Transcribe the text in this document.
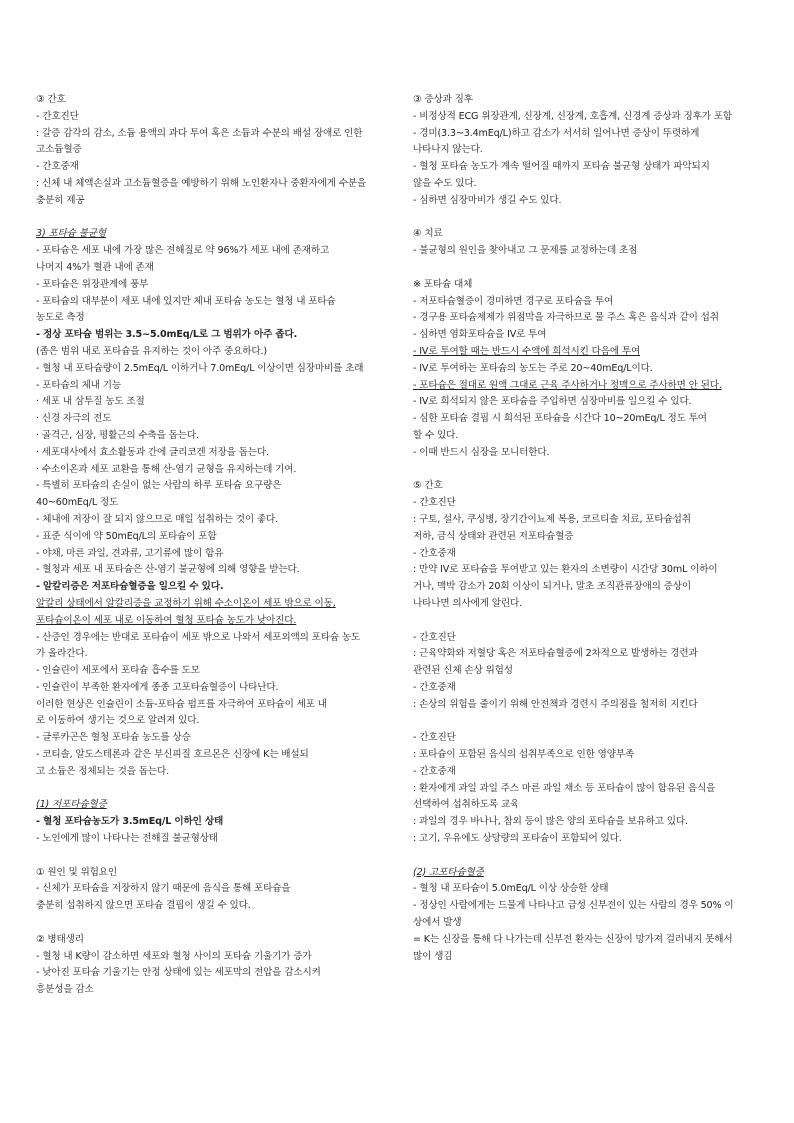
③ 간호
- 간호진단
: 갈증 감각의 감소, 소듐 용액의 과다 투여 혹은 소듐과 수분의 배설 장애로 인한
고소듐혈증
- 간호중재
: 신체 내 체액손실과 고소듐혈증을 예방하기 위해 노인환자나 중환자에게 수분을
충분히 제공
3) 포타슘 불균형
- 포타슘은 세포 내에 가장 많은 전해질로 약 96%가 세포 내에 존재하고
나머지 4%가 혈관 내에 존재
- 포타슘은 위장관계에 풍부
- 포타슘의 대부분이 세포 내에 있지만 체내 포타슘 농도는 혈청 내 포타슘
농도로 측정
- 정상 포타슘 범위는 3.5~5.0mEq/L로 그 범위가 아주 좁다.
(좁은 범위 내로 포타슘을 유지하는 것이 아주 중요하다.)
- 혈청 내 포타슘량이 2.5mEq/L 이하거나 7.0mEq/L 이상이면 심장마비를 초래
- 포타슘의 체내 기능
· 세포 내 삼투질 농도 조절
· 신경 자극의 전도
· 골격근, 심장, 평활근의 수축을 돕는다.
· 세포대사에서 효소활동과 간에 글리코겐 저장을 돕는다.
· 수소이온과 세포 교환을 통해 산-염기 균형을 유지하는데 기여.
- 특별히 포타슘의 손실이 없는 사람의 하루 포타슘 요구량은
40~60mEq/L 정도
- 체내에 저장이 잘 되지 않으므로 매일 섭취하는 것이 좋다.
- 표준 식이에 약 50mEq/L의 포타슘이 포함
- 야채, 마른 과일, 견과류, 고기류에 많이 함유
- 혈청과 세포 내 포타슘은 산-염기 불균형에 의해 영향을 받는다.
- 알칼리증은 저포타슘혈증을 일으킬 수 있다.
알칼리 상태에서 알칼리증을 교정하기 위해 수소이온이 세포 밖으로 이동,
포타슘이온이 세포 내로 이동하여 혈청 포타슘 농도가 낮아진다.
- 산증인 경우에는 반대로 포타슘이 세포 밖으로 나와서 세포외액의 포타슘 농도
가 올라간다.
- 인슐린이 세포에서 포타슘 흡수를 도모
- 인슐린이 부족한 환자에게 종종 고포타슘혈증이 나타난다.
이러한 현상은 인슐린이 소듐-포타슘 펌프를 자극하여 포타슘이 세포 내
로 이동하여 생기는 것으로 알려져 있다.
- 글루카곤은 혈청 포타슘 농도를 상승
- 코티솔, 알도스테론과 같은 부신피질 호르몬은 신장에 K는 배설되
고 소듐은 정체되는 것을 돕는다.
(1) 저포타슘혈증
- 혈청 포타슘농도가 3.5mEq/L 이하인 상태
- 노인에게 많이 나타나는 전해질 불균형상태
① 원인 및 위험요인
- 신체가 포타슘을 저장하지 않기 때문에 음식을 통해 포타슘을
충분히 섭취하지 않으면 포타슘 결핍이 생길 수 있다.
② 병태생리
- 혈청 내 K량이 감소하면 세포와 혈청 사이의 포타슘 기울기가 증가
- 낮아진 포타슘 기울기는 안정 상태에 있는 세포막의 전압을 감소시켜
흥분성을 감소
③ 증상과 징후
- 비정상적 ECG 위장관계, 신장계, 신장계, 호흡계, 신경계 증상과 징후가 포함
- 경미(3.3~3.4mEq/L)하고 감소가 서서히 일어나면 증상이 뚜렷하게
나타나지 않는다.
- 혈청 포타슘 농도가 계속 떨어질 때까지 포타슘 불균형 상태가 파악되지
않을 수도 있다.
- 심하면 심장마비가 생길 수도 있다.
④ 치료
- 불균형의 원인을 찾아내고 그 문제를 교정하는데 초점
※ 포타슘 대체
- 저포타슘혈증이 경미하면 경구로 포타슘을 투여
- 경구용 포타슘제제가 위점막을 자극하므로 물 주스 혹은 음식과 같이 섭취
- 심하면 염화포타슘을 IV로 투여
- IV로 투여할 때는 반드시 수액에 희석시킨 다음에 투여
- IV로 투여하는 포타슘의 농도는 주로 20~40mEq/L이다.
- 포타슘은 절대로 원액 그대로 근육 주사하거나 정맥으로 주사하면 안 된다.
- IV로 희석되지 않은 포타슘을 주입하면 심장마비를 일으킬 수 있다.
- 심한 포타슘 결핍 시 희석된 포타슘을 시간다 10~20mEq/L 정도 투여
할 수 있다.
- 이때 반드시 심장을 모니터한다.
⑤ 간호
- 간호진단
: 구토, 설사, 쿠싱병, 장기간이뇨제 복용, 코르티솔 치료, 포타슘섭취
저하, 금식 상태와 관련된 저포타슘혈증
- 간호중재
: 만약 IV로 포타슘을 투여받고 있는 환자의 소변량이 시간당 30mL 이하이
거나, 맥박 감소가 20회 이상이 되거나, 말초 조직관류장애의 증상이
나타나면 의사에게 알린다.
- 간호진단
: 근육약화와 저혈당 혹은 저포타슘혈증에 2차적으로 발생하는 경련과
관련된 신체 손상 위험성
- 간호중재
: 손상의 위험을 줄이기 위해 안전책과 경련시 주의점을 철저히 지킨다
- 간호진단
: 포타슘이 포함된 음식의 섭취부족으로 인한 영양부족
- 간호중재
: 환자에게 과일 과일 주스 마른 과일 채소 등 포타슘이 많이 함유된 음식을
선택하여 섭취하도록 교육
: 과일의 경우 바나나, 참외 등이 많은 양의 포타슘을 보유하고 있다.
: 고기, 우유에도 상당량의 포타슘이 포함되어 있다.
(2) 고포타슘혈증
- 혈청 내 포타슘이 5.0mEq/L 이상 상승한 상태
- 정상인 사람에게는 드물게 나타나고 급성 신부전이 있는 사람의 경우 50% 이
상에서 발생
= K는 신장을 통해 다 나가는데 신부전 환자는 신장이 망가져 걸러내지 못해서
많이 생김
